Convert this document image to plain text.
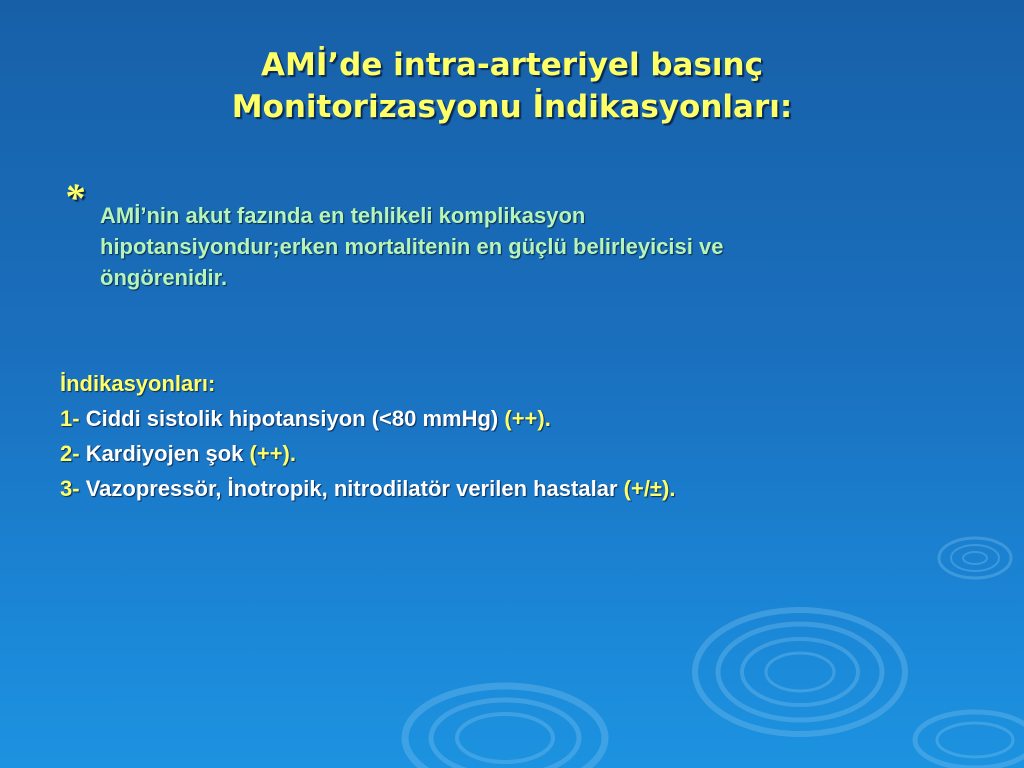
AMİ’de intra-arteriyel basınç
Monitorizasyonu İndikasyonları:
* AMİ’nin akut fazında en tehlikeli komplikasyon
hipotansiyondur;erken mortalitenin en güçlü belirleyicisi ve
öngörenidir.
İndikasyonları:
1- Ciddi sistolik hipotansiyon (<80 mmHg) (++).
2- Kardiyojen şok (++).
3- Vazopressör, İnotropik, nitrodilatör verilen hastalar (+/±).
